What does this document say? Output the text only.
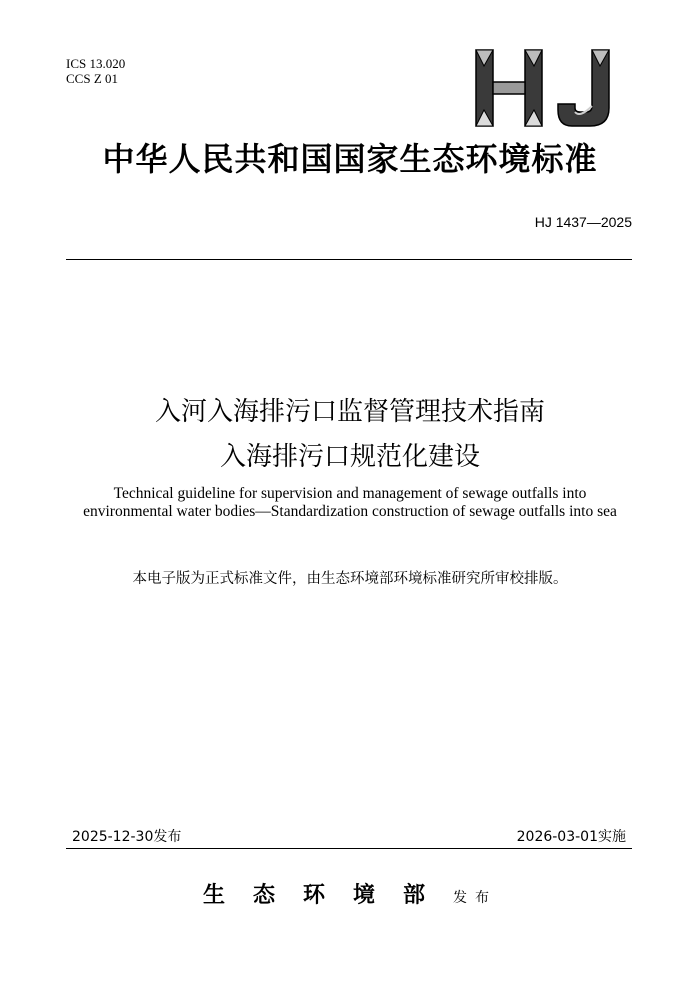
ICS 13.020
CCS Z 01
HJ
中华人民共和国国家生态环境标准
HJ 1437—2025
入河入海排污口监督管理技术指南
入海排污口规范化建设
Technical guideline for supervision and management of sewage outfalls into environmental water bodies—Standardization construction of sewage outfalls into sea
本电子版为正式标准文件，由生态环境部环境标准研究所审校排版。
2025-12-30发布	2026-03-01实施
生态环境部发布
